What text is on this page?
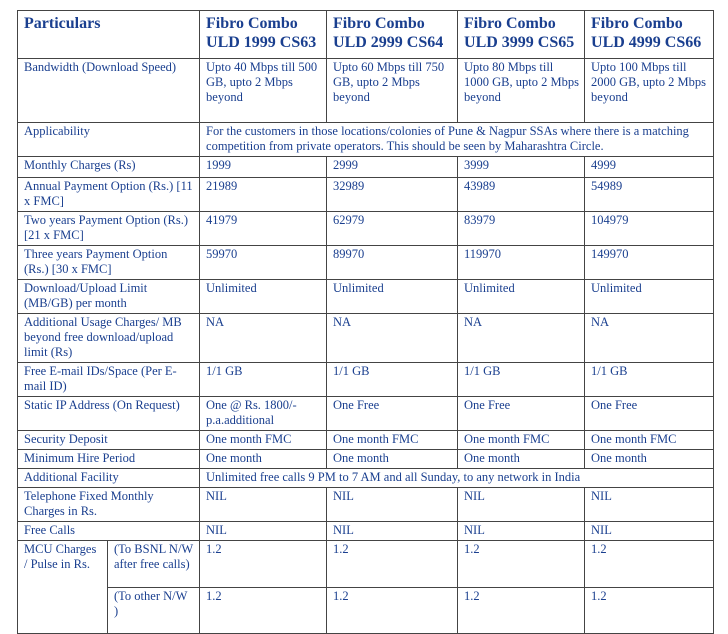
Particulars		Fibro Combo ULD 1999 CS63	Fibro Combo ULD 2999 CS64	Fibro Combo ULD 3999 CS65	Fibro Combo ULD 4999 CS66
Bandwidth (Download Speed)		Upto 40 Mbps till 500 GB, upto 2 Mbps beyond	Upto 60 Mbps till 750 GB, upto 2 Mbps beyond	Upto 80 Mbps till 1000 GB, upto 2 Mbps beyond	Upto 100 Mbps till 2000 GB, upto 2 Mbps beyond
Applicability		For the customers in those locations/colonies of Pune & Nagpur SSAs where there is a matching competition from private operators. This should be seen by Maharashtra Circle.			
Monthly Charges (Rs)		1999	2999	3999	4999
Annual Payment Option (Rs.) [11 x FMC]		21989	32989	43989	54989
Two years Payment Option (Rs.) [21 x FMC]		41979	62979	83979	104979
Three years Payment Option (Rs.) [30 x FMC]		59970	89970	119970	149970
Download/Upload Limit (MB/GB) per month		Unlimited	Unlimited	Unlimited	Unlimited
Additional Usage Charges/ MB beyond free download/upload limit (Rs)		NA	NA	NA	NA
Free E-mail IDs/Space (Per E-mail ID)		1/1 GB	1/1 GB	1/1 GB	1/1 GB
Static IP Address (On Request)		One @ Rs. 1800/- p.a.additional	One Free	One Free	One Free
Security Deposit		One month FMC	One month FMC	One month FMC	One month FMC
Minimum Hire Period		One month	One month	One month	One month
Additional Facility		Unlimited free calls 9 PM to 7 AM and all Sunday, to any network in India			
Telephone Fixed Monthly Charges in Rs.		NIL	NIL	NIL	NIL
Free Calls		NIL	NIL	NIL	NIL
MCU Charges / Pulse in Rs.	(To BSNL N/W after free calls)	1.2	1.2	1.2	1.2
	(To other N/W )	1.2	1.2	1.2	1.2
